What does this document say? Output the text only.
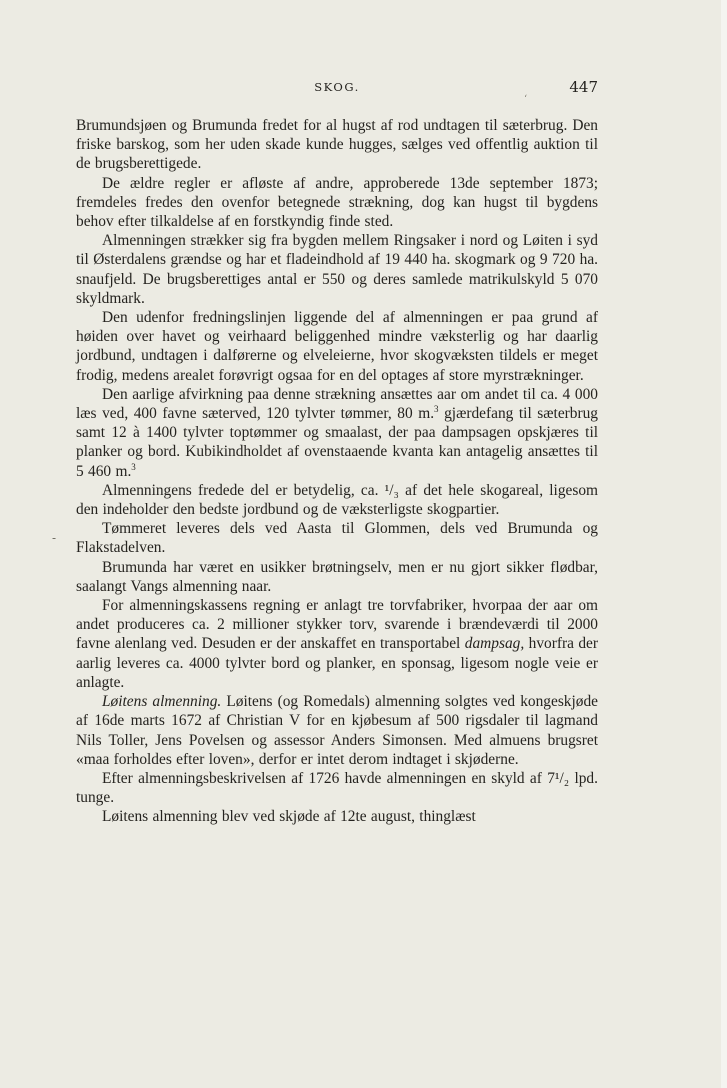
SKOG.	447
ʻ
-

Brumundsjøen og Brumunda fredet for al hugst af rod undtagen til sæterbrug. Den friske barskog, som her uden skade kunde hugges, sælges ved offentlig auktion til de brugsberettigede.

De ældre regler er afløste af andre, approberede 13de september 1873; fremdeles fredes den ovenfor betegnede strækning, dog kan hugst til bygdens behov efter tilkaldelse af en forstkyndig finde sted.

Almenningen strækker sig fra bygden mellem Ringsaker i nord og Løiten i syd til Østerdalens grændse og har et fladeindhold af 19 440 ha. skogmark og 9 720 ha. snaufjeld. De brugsberettiges antal er 550 og deres samlede matrikulskyld 5 070 skyldmark.

Den udenfor fredningslinjen liggende del af almenningen er paa grund af høiden over havet og veirhaard beliggenhed mindre væksterlig og har daarlig jordbund, undtagen i dalførerne og elveleierne, hvor skogvæksten tildels er meget frodig, medens arealet forøvrigt ogsaa for en del optages af store myrstrækninger.

Den aarlige afvirkning paa denne strækning ansættes aar om andet til ca. 4 000 læs ved, 400 favne sæterved, 120 tylvter tømmer, 80 m.$^3$ gjærdefang til sæterbrug samt 12 à 1400 tylvter toptømmer og smaalast, der paa dampsagen opskjæres til planker og bord. Kubikindholdet af ovenstaaende kvanta kan antagelig ansættes til 5 460 m.$^3$

Almenningens fredede del er betydelig, ca. ¹/₃ af det hele skogareal, ligesom den indeholder den bedste jordbund og de væksterligste skogpartier.

Tømmeret leveres dels ved Aasta til Glommen, dels ved Brumunda og Flakstadelven.

Brumunda har været en usikker brøtningselv, men er nu gjort sikker flødbar, saalangt Vangs almenning naar.

For almenningskassens regning er anlagt tre torvfabriker, hvorpaa der aar om andet produceres ca. 2 millioner stykker torv, svarende i brændeværdi til 2000 favne alenlang ved. Desuden er der anskaffet en transportabel dampsag, hvorfra der aarlig leveres ca. 4000 tylvter bord og planker, en sponsag, ligesom nogle veie er anlagte.

Løitens almenning. Løitens (og Romedals) almenning solgtes ved kongeskjøde af 16de marts 1672 af Christian V for en kjøbesum af 500 rigsdaler til lagmand Nils Toller, Jens Povelsen og assessor Anders Simonsen. Med almuens brugsret «maa forholdes efter loven», derfor er intet derom indtaget i skjøderne.

Efter almenningsbeskrivelsen af 1726 havde almenningen en skyld af 7¹/₂ lpd. tunge.

Løitens almenning blev ved skjøde af 12te august, thinglæst
